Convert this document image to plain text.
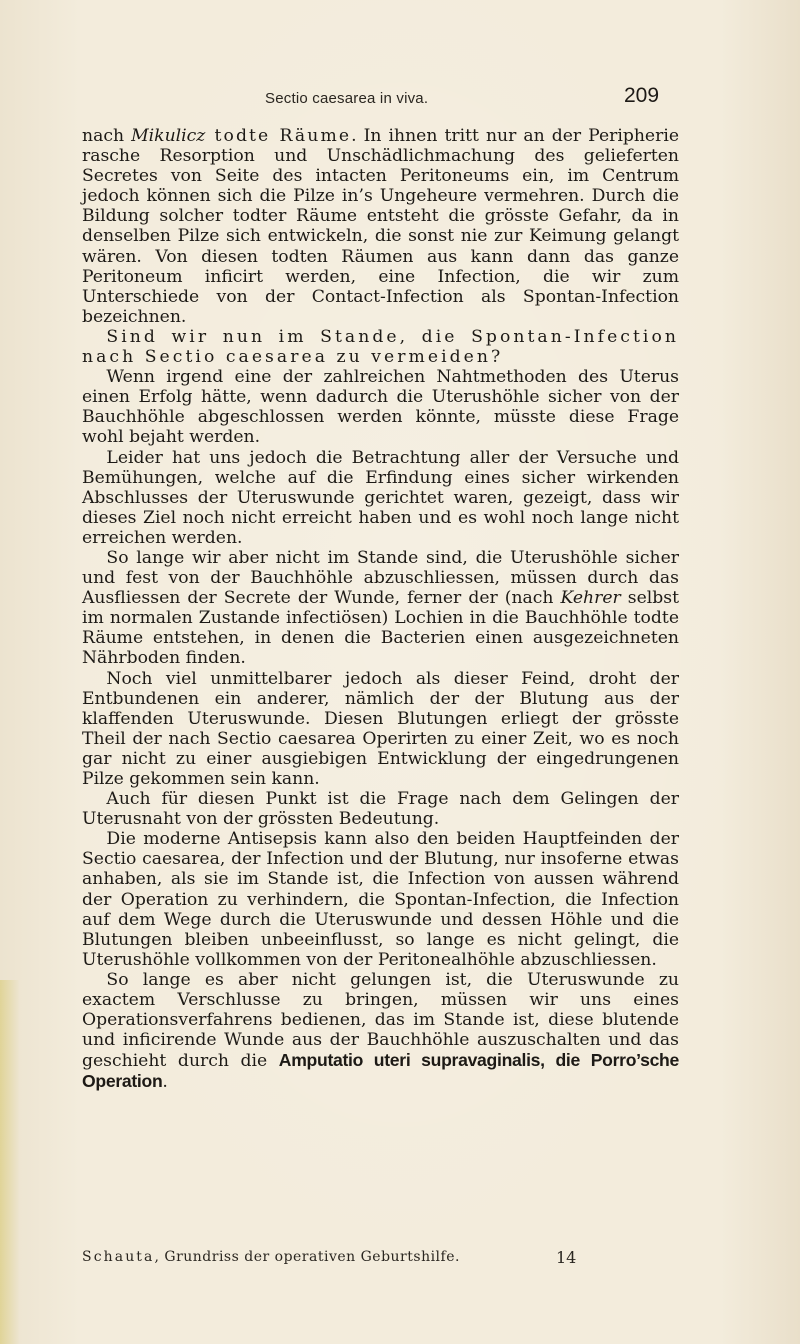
Sectio caesarea in viva.	209

nach Mikulicz todte Räume. In ihnen tritt nur an der Peripherie rasche Resorption und Unschädlichmachung des gelieferten Secretes von Seite des intacten Peritoneums ein, im Centrum jedoch können sich die Pilze in’s Ungeheure vermehren. Durch die Bildung solcher todter Räume entsteht die grösste Gefahr, da in denselben Pilze sich entwickeln, die sonst nie zur Keimung gelangt wären. Von diesen todten Räumen aus kann dann das ganze Peritoneum inficirt werden, eine Infection, die wir zum Unterschiede von der Contact-Infection als Spontan-Infection bezeichnen.

Sind wir nun im Stande, die Spontan-Infection nach Sectio caesarea zu vermeiden?

Wenn irgend eine der zahlreichen Nahtmethoden des Uterus einen Erfolg hätte, wenn dadurch die Uterushöhle sicher von der Bauchhöhle abgeschlossen werden könnte, müsste diese Frage wohl bejaht werden.

Leider hat uns jedoch die Betrachtung aller der Versuche und Bemühungen, welche auf die Erfindung eines sicher wirkenden Abschlusses der Uteruswunde gerichtet waren, gezeigt, dass wir dieses Ziel noch nicht erreicht haben und es wohl noch lange nicht erreichen werden.

So lange wir aber nicht im Stande sind, die Uterushöhle sicher und fest von der Bauchhöhle abzuschliessen, müssen durch das Ausfliessen der Secrete der Wunde, ferner der (nach Kehrer selbst im normalen Zustande infectiösen) Lochien in die Bauchhöhle todte Räume entstehen, in denen die Bacterien einen ausgezeichneten Nährboden finden.

Noch viel unmittelbarer jedoch als dieser Feind, droht der Entbundenen ein anderer, nämlich der der Blutung aus der klaffenden Uteruswunde. Diesen Blutungen erliegt der grösste Theil der nach Sectio caesarea Operirten zu einer Zeit, wo es noch gar nicht zu einer ausgiebigen Entwicklung der eingedrungenen Pilze gekommen sein kann.

Auch für diesen Punkt ist die Frage nach dem Gelingen der Uterusnaht von der grössten Bedeutung.

Die moderne Antisepsis kann also den beiden Hauptfeinden der Sectio caesarea, der Infection und der Blutung, nur insoferne etwas anhaben, als sie im Stande ist, die Infection von aussen während der Operation zu verhindern, die Spontan-Infection, die Infection auf dem Wege durch die Uteruswunde und dessen Höhle und die Blutungen bleiben unbeeinflusst, so lange es nicht gelingt, die Uterushöhle vollkommen von der Peritonealhöhle abzuschliessen.

So lange es aber nicht gelungen ist, die Uteruswunde zu exactem Verschlusse zu bringen, müssen wir uns eines Operationsverfahrens bedienen, das im Stande ist, diese blutende und inficirende Wunde aus der Bauchhöhle auszuschalten und das geschieht durch die Amputatio uteri supravaginalis, die Porro’sche Operation.

Schauta, Grundriss der operativen Geburtshilfe.	14
